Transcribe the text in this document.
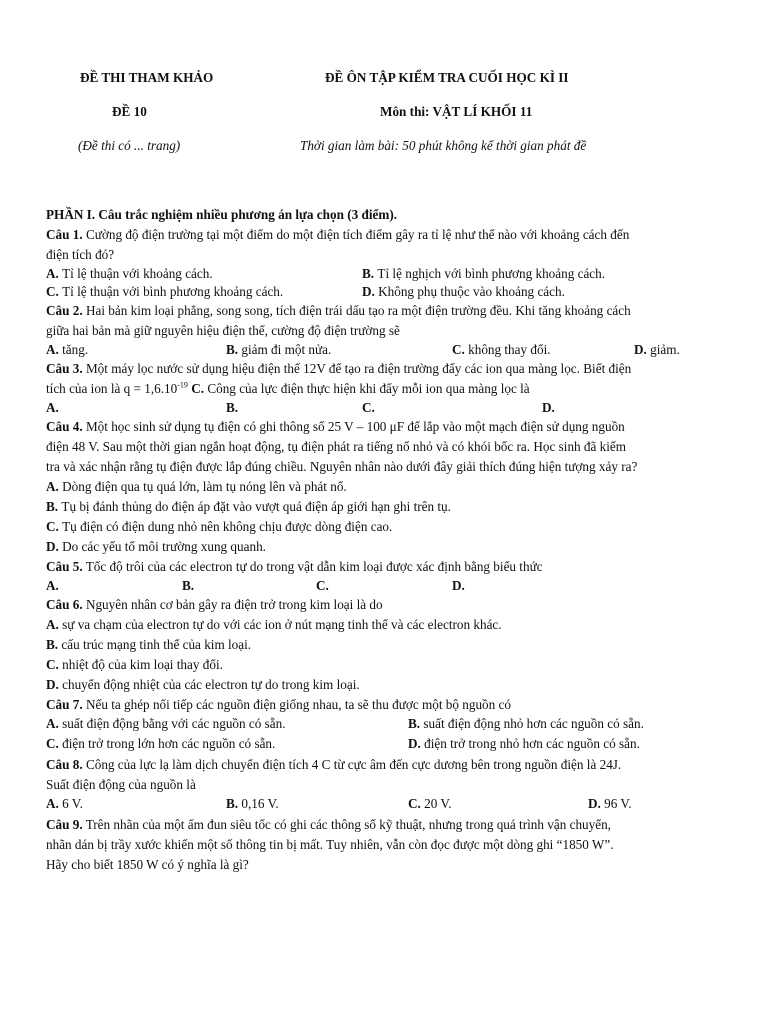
ĐỀ THI THAM KHẢO
ĐỀ 10
(Đề thi có ... trang)
ĐỀ ÔN TẬP KIỂM TRA CUỐI HỌC KÌ II
Môn thi: VẬT LÍ KHỐI 11
Thời gian làm bài: 50 phút không kể thời gian phát đề
PHẦN I. Câu trắc nghiệm nhiều phương án lựa chọn (3 điểm).
Câu 1. Cường độ điện trường tại một điểm do một điện tích điểm gây ra tỉ lệ như thế nào với khoảng cách đến
điện tích đó?
A. Tỉ lệ thuận với khoảng cách.	B. Tỉ lệ nghịch với bình phương khoảng cách.
C. Tỉ lệ thuận với bình phương khoảng cách.	D. Không phụ thuộc vào khoảng cách.
Câu 2. Hai bản kim loại phẳng, song song, tích điện trái dấu tạo ra một điện trường đều. Khi tăng khoảng cách
giữa hai bản mà giữ nguyên hiệu điện thế, cường độ điện trường sẽ
A. tăng.	B. giảm đi một nửa.	C. không thay đổi.	D. giảm.
Câu 3. Một máy lọc nước sử dụng hiệu điện thế 12V để tạo ra điện trường đẩy các ion qua màng lọc. Biết điện
tích của ion là $q = 1,6.10^{-19}$ C. Công của lực điện thực hiện khi đẩy mỗi ion qua màng lọc là
A.	B.	C.	D.
Câu 4. Một học sinh sử dụng tụ điện có ghi thông số 25 V – 100 μF để lắp vào một mạch điện sử dụng nguồn
điện 48 V. Sau một thời gian ngắn hoạt động, tụ điện phát ra tiếng nổ nhỏ và có khói bốc ra. Học sinh đã kiểm
tra và xác nhận rằng tụ điện được lắp đúng chiều. Nguyên nhân nào dưới đây giải thích đúng hiện tượng xảy ra?
A. Dòng điện qua tụ quá lớn, làm tụ nóng lên và phát nổ.
B. Tụ bị đánh thủng do điện áp đặt vào vượt quá điện áp giới hạn ghi trên tụ.
C. Tụ điện có điện dung nhỏ nên không chịu được dòng điện cao.
D. Do các yếu tố môi trường xung quanh.
Câu 5. Tốc độ trôi của các electron tự do trong vật dẫn kim loại được xác định bằng biểu thức
A.	B.	C.	D.
Câu 6. Nguyên nhân cơ bản gây ra điện trở trong kim loại là do
A. sự va chạm của electron tự do với các ion ở nút mạng tinh thể và các electron khác.
B. cấu trúc mạng tinh thể của kim loại.
C. nhiệt độ của kim loại thay đổi.
D. chuyển động nhiệt của các electron tự do trong kim loại.
Câu 7. Nếu ta ghép nối tiếp các nguồn điện giống nhau, ta sẽ thu được một bộ nguồn có
A. suất điện động bằng với các nguồn có sẵn.	B. suất điện động nhỏ hơn các nguồn có sẵn.
C. điện trở trong lớn hơn các nguồn có sẵn.	D. điện trở trong nhỏ hơn các nguồn có sẵn.
Câu 8. Công của lực lạ làm dịch chuyển điện tích 4 C từ cực âm đến cực dương bên trong nguồn điện là 24J.
Suất điện động của nguồn là
A. 6 V.	B. 0,16 V.	C. 20 V.	D. 96 V.
Câu 9. Trên nhãn của một ấm đun siêu tốc có ghi các thông số kỹ thuật, nhưng trong quá trình vận chuyển,
nhãn dán bị trầy xước khiến một số thông tin bị mất. Tuy nhiên, vẫn còn đọc được một dòng ghi “1850 W”.
Hãy cho biết 1850 W có ý nghĩa là gì?
